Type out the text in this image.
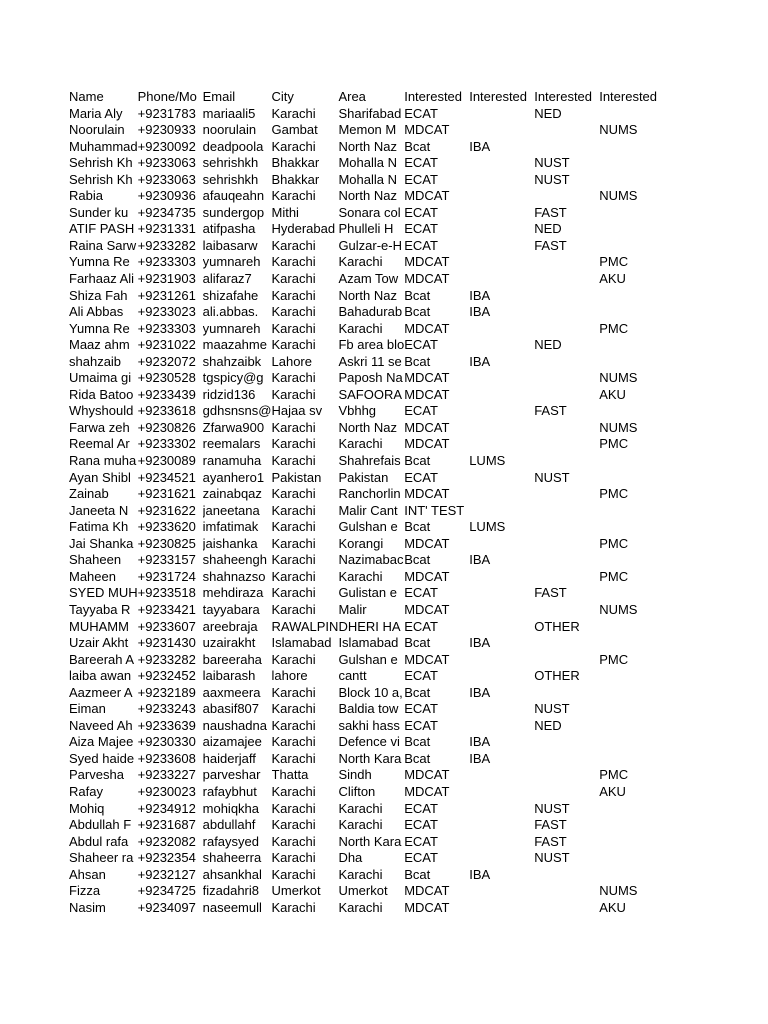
Name	Phone/Mo	Email	City	Area	Interested	Interested	Interested	Interested
Maria Aly	+9231783	mariaali5	Karachi	Sharifabad	ECAT		NED	
Noorulain	+9230933	noorulain	Gambat	Memon M	MDCAT			NUMS
Muhammad	+9230092	deadpoola	Karachi	North Naz	Bcat	IBA		
Sehrish Kh	+9233063	sehrishkh	Bhakkar	Mohalla N	ECAT		NUST	
Sehrish Kh	+9233063	sehrishkh	Bhakkar	Mohalla N	ECAT		NUST	
Rabia	+9230936	afauqeahn	Karachi	North Naz	MDCAT			NUMS
Sunder ku	+9234735	sundergop	Mithi	Sonara col	ECAT		FAST	
ATIF PASH	+9231331	atifpasha	Hyderabad	Phulleli H	ECAT		NED	
Raina Sarw	+9233282	laibasarw	Karachi	Gulzar-e-H	ECAT		FAST	
Yumna Re	+9233303	yumnareh	Karachi	Karachi	MDCAT			PMC
Farhaaz Ali	+9231903	alifaraz7	Karachi	Azam Tow	MDCAT			AKU
Shiza Fah	+9231261	shizafahe	Karachi	North Naz	Bcat	IBA		
Ali Abbas	+9233023	ali.abbas.	Karachi	Bahadurab	Bcat	IBA		
Yumna Re	+9233303	yumnareh	Karachi	Karachi	MDCAT			PMC
Maaz ahm	+9231022	maazahme	Karachi	Fb area blo	ECAT		NED	
shahzaib	+9232072	shahzaibk	Lahore	Askri 11 se	Bcat	IBA		
Umaima gi	+9230528	tgspicy@g	Karachi	Paposh Na	MDCAT			NUMS
Rida Batoo	+9233439	ridzid136	Karachi	SAFOORA	MDCAT			AKU
Whyshould	+9233618	gdhsnsns@	Hajaa sv	Vbhhg	ECAT		FAST	
Farwa zeh	+9230826	Zfarwa900	Karachi	North Naz	MDCAT			NUMS
Reemal Ar	+9233302	reemalars	Karachi	Karachi	MDCAT			PMC
Rana muha	+9230089	ranamuha	Karachi	Shahrefais	Bcat	LUMS		
Ayan Shibl	+9234521	ayanhero1	Pakistan	Pakistan	ECAT		NUST	
Zainab	+9231621	zainabqaz	Karachi	Ranchorlin	MDCAT			PMC
Janeeta N	+9231622	janeetana	Karachi	Malir Cant	INT' TEST			
Fatima Kh	+9233620	imfatimak	Karachi	Gulshan e	Bcat	LUMS		
Jai Shanka	+9230825	jaishanka	Karachi	Korangi	MDCAT			PMC
Shaheen	+9233157	shaheengh	Karachi	Nazimabac	Bcat	IBA		
Maheen	+9231724	shahnazso	Karachi	Karachi	MDCAT			PMC
SYED MUH	+9233518	mehdiraza	Karachi	Gulistan e	ECAT		FAST	
Tayyaba R	+9233421	tayyabara	Karachi	Malir	MDCAT			NUMS
MUHAMM	+9233607	areebraja	RAWALPIN	DHERI HA	ECAT		OTHER	
Uzair Akht	+9231430	uzairakht	Islamabad	Islamabad	Bcat	IBA		
Bareerah A	+9233282	bareeraha	Karachi	Gulshan e	MDCAT			PMC
laiba awan	+9232452	laibarash	lahore	cantt	ECAT		OTHER	
Aazmeer A	+9232189	aaxmeera	Karachi	Block 10 a,	Bcat	IBA		
Eiman	+9233243	abasif807	Karachi	Baldia tow	ECAT		NUST	
Naveed Ah	+9233639	naushadna	Karachi	sakhi hass	ECAT		NED	
Aiza Majee	+9230330	aizamajee	Karachi	Defence vi	Bcat	IBA		
Syed haide	+9233608	haiderjaff	Karachi	North Kara	Bcat	IBA		
Parvesha	+9233227	parveshar	Thatta	Sindh	MDCAT			PMC
Rafay	+9230023	rafaybhut	Karachi	Clifton	MDCAT			AKU
Mohiq	+9234912	mohiqkha	Karachi	Karachi	ECAT		NUST	
Abdullah F	+9231687	abdullahf	Karachi	Karachi	ECAT		FAST	
Abdul rafa	+9232082	rafaysyed	Karachi	North Kara	ECAT		FAST	
Shaheer ra	+9232354	shaheerra	Karachi	Dha	ECAT		NUST	
Ahsan	+9232127	ahsankhal	Karachi	Karachi	Bcat	IBA		
Fizza	+9234725	fizadahri8	Umerkot	Umerkot	MDCAT			NUMS
Nasim	+9234097	naseemull	Karachi	Karachi	MDCAT			AKU
